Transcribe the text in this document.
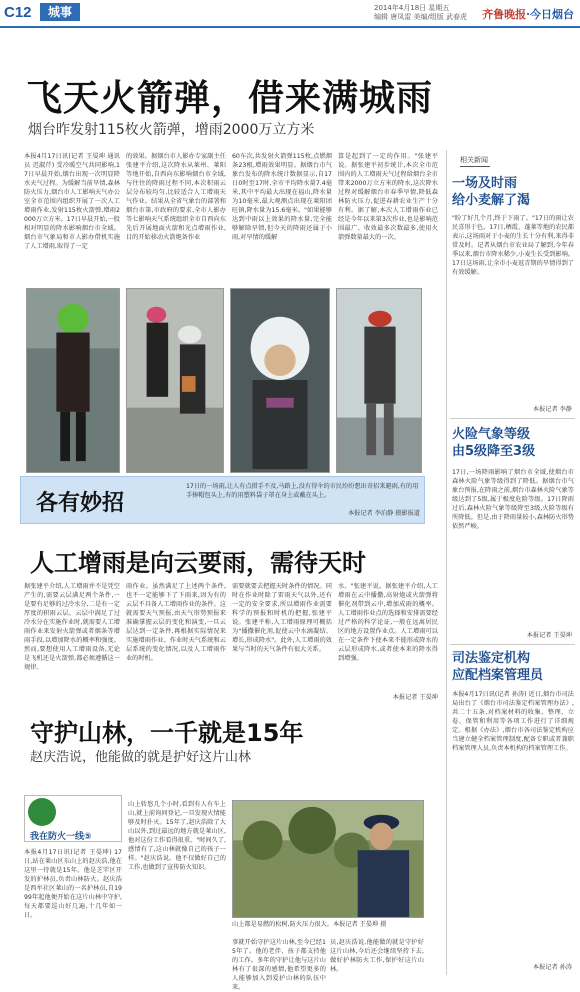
C12	城事	2014年4月18日 星期五
编辑 唐凤雷 美编/组版 武春虎	齐鲁晚报·今日烟台
飞天火箭弹，借来满城雨
烟台昨发射115枚火箭弹，增雨2000万立方米
本报4月17日讯(记者 王晏坤 通讯员 迟淑芹) 受冷暖空气共同影响,17日早晨开始,烟台出现一次明显降水天气过程。为缓解当前旱情,森林防火压力,烟台市人工影响天气办公室全市范围内组织开展了一次人工增雨作业,发射115枚火箭弹,增雨2000万立方米。17日早晨开始,一股相对明显的降水影响烟台市全域。烟台市气象局和市人影办借机实施了人工增雨,取得了一定
的效果。据烟台市人影办专家副主任张建平介绍,这次降水从莱州、莱阳等地开始,自西向东影响烟台市全域,与往往的降雨过程不同,本次积雨云层分布较均匀,比较适合人工增雨天气作业。结果从全省气象台的部署和烟台市第,市政府的要求,全市人影办等七影响天气系统组织全市自西向东先后开展地面火箭和光点增雨作业,目的开始移动火箭炮备作业
60车次,共发射火箭弹115枚,点燃烟条23根,增雨效果明显。据烟台市气象台发布的降水统计数据显示,自17日0时至17时,全市平均降水量7.4毫米,其中平均最大出现在福山,降水量为10毫米,最大观测点出现在莱阳团旺镇,降水量为15.6毫米。"如果能够达到中雨以上效果的降水量,完全能够解除旱情,但今天的降雨还属于小雨,对旱情的缓解
算是起到了一定的作用。"张建平说。据张建平初步统计,本次全市范围内的人工增雨天气过程给烟台全市带来2000万立方米的降水,这次降水过程对缓解烟台市春季旱情,降低森林防火压力,促进春耕农业生产十分有利。据了解,本次人工增雨作业已经是今年以来第3次作业,也是影响范围最广、收效最多次数最多,使用火箭弹数量最大的一次。
各有妙招
17日的一场雨,让人有点措手不及,马路上,没有得伞的市民纷纷想出奇招来避雨,有的用手捧帽包头上,有的用塑料袋子罩在身上或戴在头上。
本报记者 李泊静 摄影报道
人工增雨是向云要雨，需待天时
据张建平介绍,人工增雨并不是凭空产生的,需要云层满足两个条件,一是要有足够的过冷水分,二是有一定厚度的积雨云层。云层中满足了过冷水分在实施作业时,就需要人工增雨作业来发射火箭弹或者烟条等增雨手段,以增加降水的概率和强度。然而,要想使用人工增雨设备,无论是飞机还是火箭弹,都必须遵循这一规律。
雨作业。虽然满足了上述两个条件,也不一定能够下了下雨来,因为有的云层不具备人工增雨作业的条件。这就需要天气预报,由天气形势预报来准确掌握云层的变化和演变,一旦云层达到一定条件,再根据实际情况来实施增雨作业。作业时天气系统和云层系统的变化情况,以及人工增雨作业的时机。
需要就要去把握天时条件的情况。同时在作业时除了雷雨天气以外,还有一定的安全要求,所以增雨作业需要科学的预报和时机的把握,张建平说。张建平称,人工增雨原理可概括为"播撒催化剂,促使云中水滴凝结、增长,形成降水"。此外,人工增雨的效果与当时的天气条件有很大关系。
水。"张建平说。据张建平介绍,人工增雨在云中播撒,高射炮或火箭弹将催化剂带到云中,增加成雨的概率。人工增雨作业点的选择和安排需要经过严格的科学论证,一般在远离居民区的地方设置作业点。人工增雨可以在一定条件下使本来不能形成降水的云层形成降水,或者使本来的降水得到增强。
本报记者 王晏坤
守护山林，一千就是15年
赵庆浩说，他能做的就是护好这片山林
我在防火一线⑤
本报4月17日讯(记者 王晏坤) 17日,站在莱山区东山上的赵庆浩,他在这里一待就是15年。他是芝罘区开发的护林员,负责山林防火。赵庆浩是西牟社区莱山的一名护林员,自1999年起他便开始在这片山林中守护,每天都要巡山好几遍,十几年如一日。
山上转悠几个小时,看到有人有车上山,就上前询问登记,一旦发现火情能够及时扑灭。15年了,赵庆浩除了大山以外,到过最远的地方就是莱山区,他对这份工作看得很重。"时间久了,感情有了,这山林就像自己的孩子一样。"赵庆浩说。他不仅做好自己的工作,也做到了宣传防火知识。
事就开始守护这片山林,至今已经15年了。他的老伴、孩子都支持他的工作。多年的守护让他与这片山林有了很深的感情,他希望更多的人能够加入到爱护山林的队伍中来。
员,赵庆浩说,他能做的就是守护好这片山林,今后还会继续坚持下去,做好护林防火工作,保护好这片山林。
山上都是易燃的松树,防火压力很大。本报记者 王晏坤 摄
相关新闻
一场及时雨
给小麦解了渴
"盼了好几个月,终于下雨了。"17日的雨让农民喜形于色。17日,栖霞、蓬莱等地的农民都表示,这场雨对于小麦的生长十分有利,来得非常及时。记者从烟台市农业局了解到,今年春季以来,烟台市降水稀少,小麦生长受到影响。17日这场雨,让全市小麦返青期的旱情得到了有效缓解。
本报记者 李静
火险气象等级
由5级降至3级
17日,一场降雨影响了烟台市全域,使烟台市森林火险气象等级得到了降低。据烟台市气象台预报,在降雨之前,烟台市森林火险气象等级达到了5级,属于极度危险等级。17日降雨过后,森林火险气象等级降至3级,火险等级有所降低。但是,由于降雨量较小,森林防火形势依然严峻。
本报记者 王晏坤
司法鉴定机构
应配档案管理员
本报4月17日讯(记者 孙涛) 近日,烟台市司法局出台了《烟台市司法鉴定档案管理办法》,共二十五条,对档案材料的收集、整理、立卷、保管和利用等各项工作进行了详细规定。根据《办法》,烟台市各司法鉴定机构应当建立健全档案管理制度,配备专职或者兼职档案管理人员,负责本机构的档案管理工作。
本报记者 孙涛
